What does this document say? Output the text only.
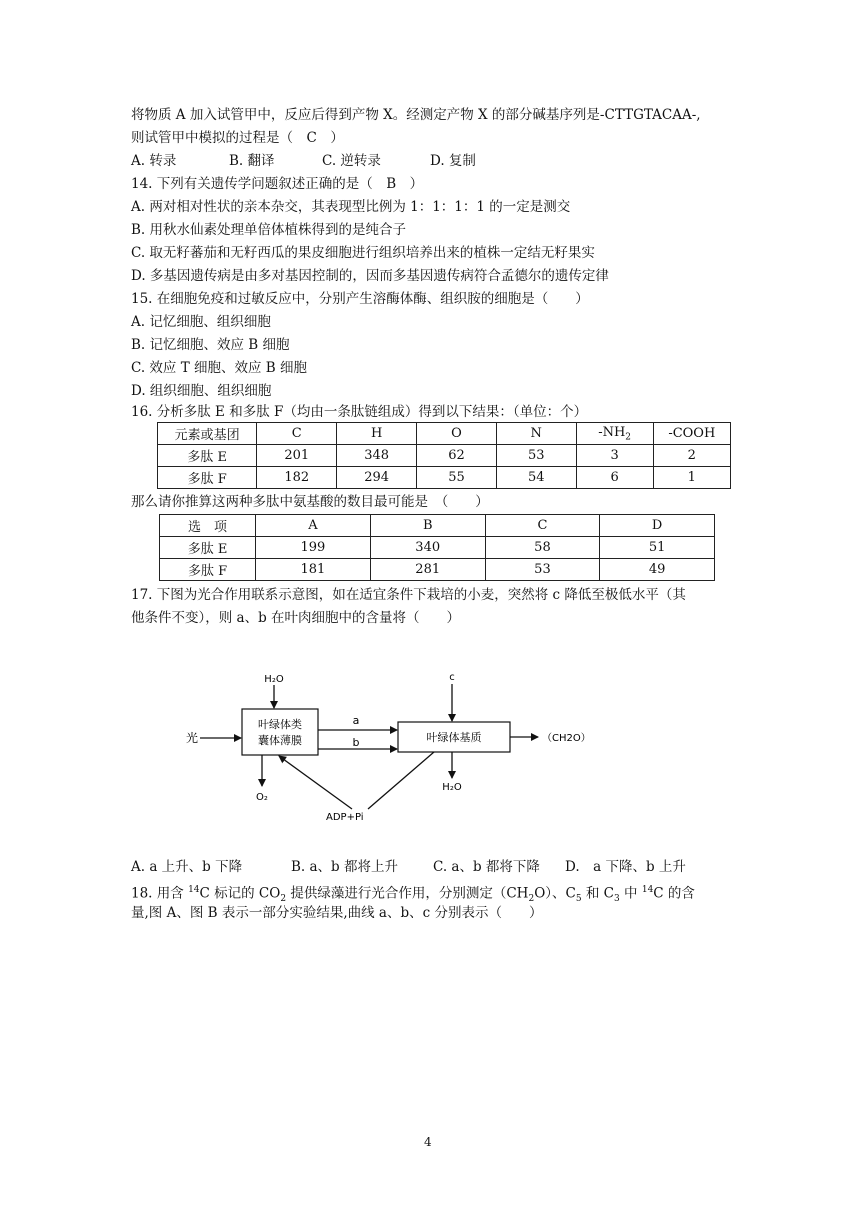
将物质 A 加入试管甲中，反应后得到产物 X。经测定产物 X 的部分碱基序列是-CTTGTACAA-,
则试管甲中模拟的过程是（　C　）
A. 转录	B. 翻译	C. 逆转录	D. 复制
14. 下列有关遗传学问题叙述正确的是（　B　）
A. 两对相对性状的亲本杂交，其表现型比例为 1：1：1：1 的一定是测交
B. 用秋水仙素处理单倍体植株得到的是纯合子
C. 取无籽蕃茄和无籽西瓜的果皮细胞进行组织培养出来的植株一定结无籽果实
D. 多基因遗传病是由多对基因控制的，因而多基因遗传病符合孟德尔的遗传定律
15. 在细胞免疫和过敏反应中，分别产生溶酶体酶、组织胺的细胞是（　　）
A. 记忆细胞、组织细胞
B. 记忆细胞、效应 B 细胞
C. 效应 T 细胞、效应 B 细胞
D. 组织细胞、组织细胞
16. 分析多肽 E 和多肽 F（均由一条肽链组成）得到以下结果：（单位：个）
元素或基团	C	H	O	N	$-NH_2$	-COOH
多肽 E	201	348	62	53	3	2
多肽 F	182	294	55	54	6	1
那么请你推算这两种多肽中氨基酸的数目最可能是　（　　）
选　项	A	B	C	D
多肽 E	199	340	58	51
多肽 F	181	281	53	49
17. 下图为光合作用联系示意图，如在适宜条件下栽培的小麦，突然将 c 降低至极低水平（其
他条件不变），则 a、b 在叶肉细胞中的含量将（　　）
H₂O	c
光
叶绿体类
囊体薄膜
a
b	叶绿体基质	（CH2O）
O₂
H₂O
ADP+Pi
A. a 上升、b 下降	B. a、b 都将上升	C. a、b 都将下降 D.　a 下降、b 上升
18. 用含 $^{14}$C 标记的 $CO_2$ 提供绿藻进行光合作用，分别测定$(CH_2O)$、$C_5$ 和 $C_3$ 中 $^{14}$C 的含
量,图 A、图 B 表示一部分实验结果,曲线 a、b、c 分别表示（　　）
4
